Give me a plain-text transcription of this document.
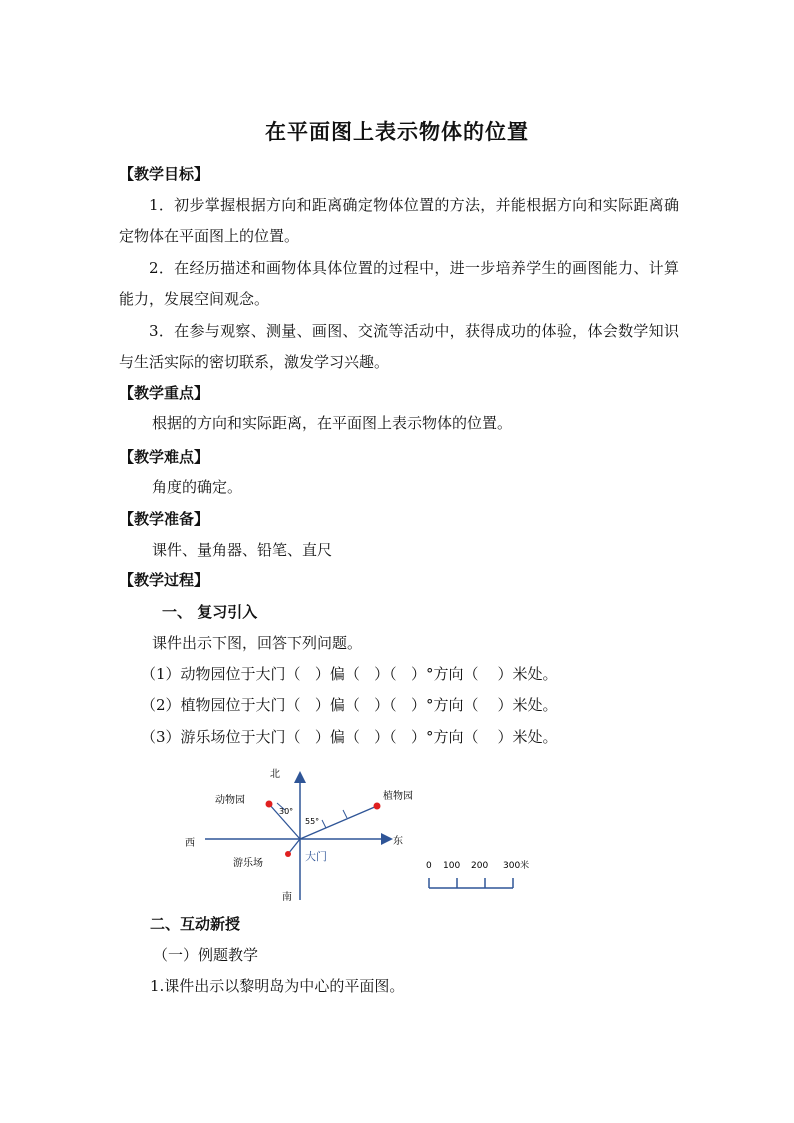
在平面图上表示物体的位置
【教学目标】
1．初步掌握根据方向和距离确定物体位置的方法，并能根据方向和实际距离确定物体在平面图上的位置。
2．在经历描述和画物体具体位置的过程中，进一步培养学生的画图能力、计算能力，发展空间观念。
3．在参与观察、测量、画图、交流等活动中，获得成功的体验，体会数学知识与生活实际的密切联系，激发学习兴趣。
【教学重点】
根据的方向和实际距离，在平面图上表示物体的位置。
【教学难点】
角度的确定。
【教学准备】
课件、量角器、铅笔、直尺
【教学过程】
一、 复习引入
课件出示下图，回答下列问题。
（1）动物园位于大门（   ）偏（   ）（   ）°方向（    ）米处。
（2）植物园位于大门（   ）偏（   ）（   ）°方向（    ）米处。
（3）游乐场位于大门（   ）偏（   ）（   ）°方向（    ）米处。
北
南
西	东
动物园
30°
植物园
55°
游乐场
大门
0 100 200 300米
二、互动新授
（一）例题教学
1.课件出示以黎明岛为中心的平面图。
